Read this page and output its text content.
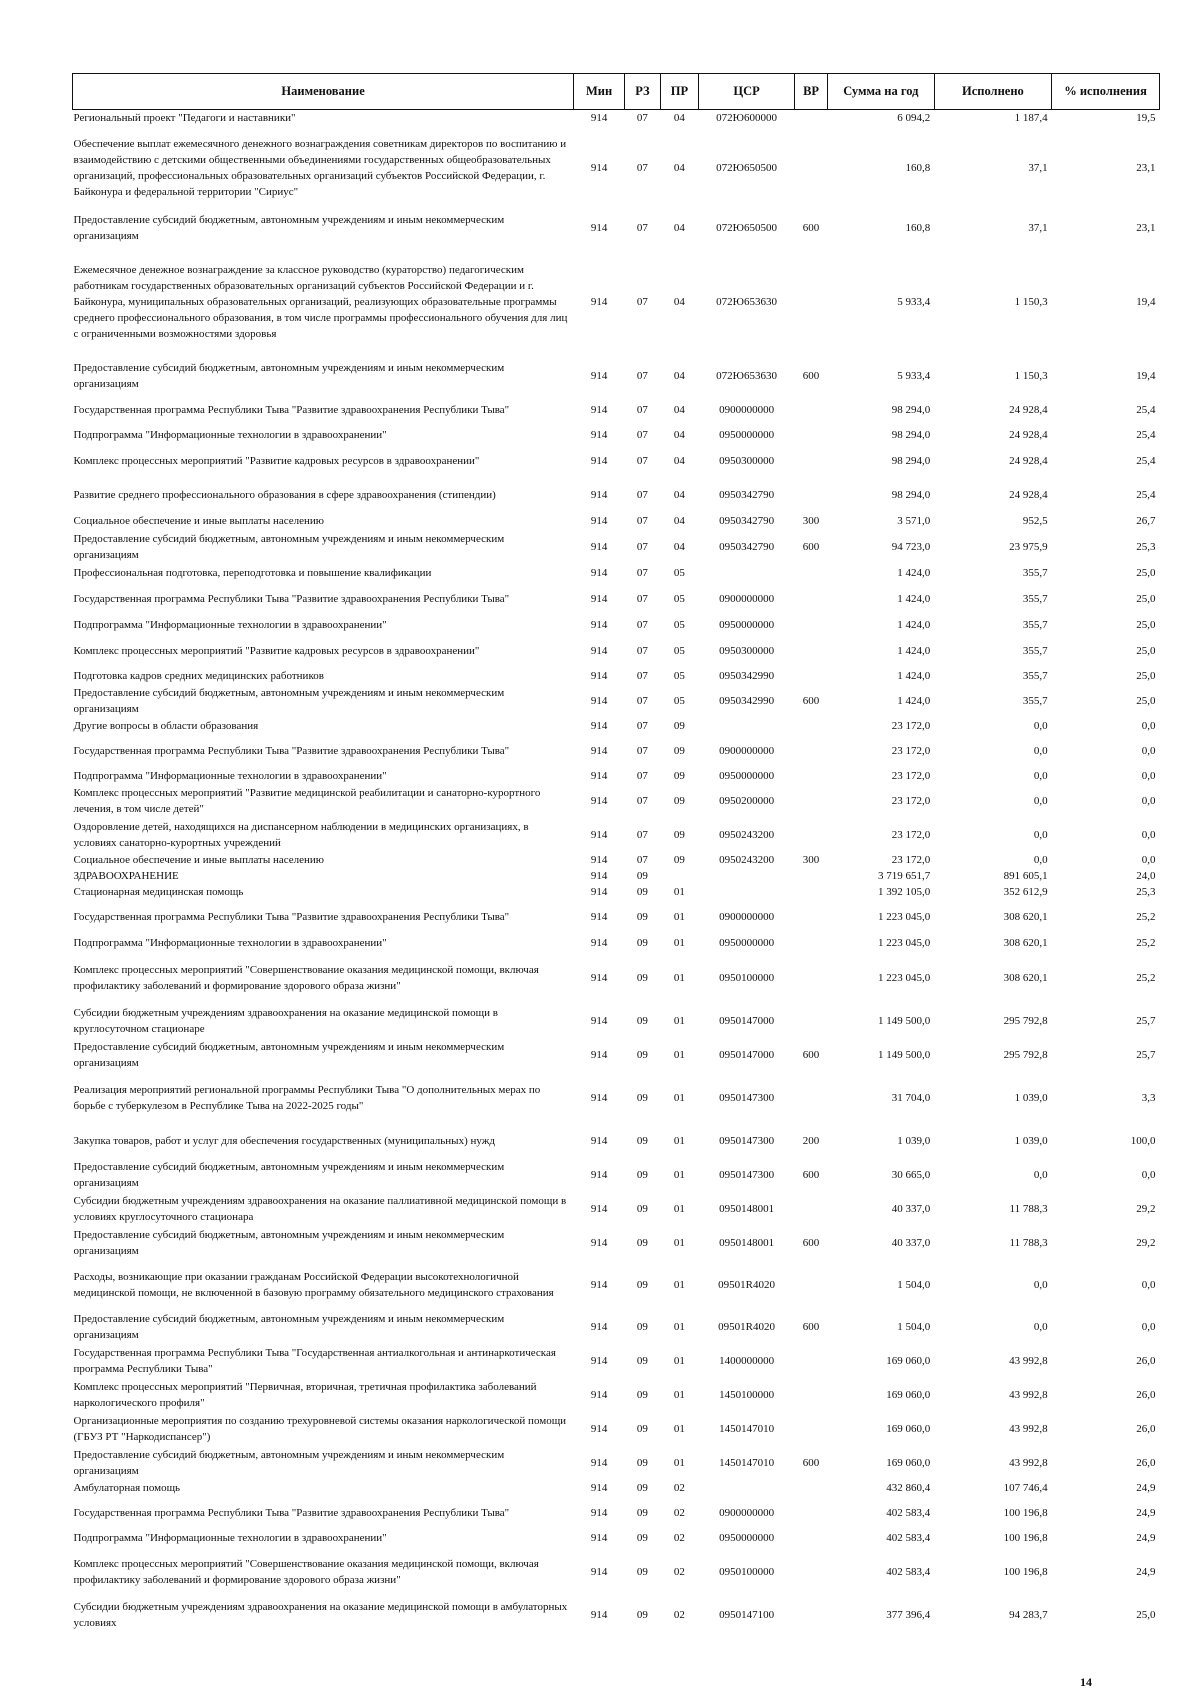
Наименование	Мин	РЗ	ПР	ЦСР	ВР	Сумма на год	Исполнено	% исполнения
Региональный проект "Педагоги и наставники"	914	07	04	072Ю600000		6 094,2	1 187,4	19,5
Обеспечение выплат ежемесячного денежного вознаграждения советникам директоров по воспитанию и взаимодействию с детскими общественными объединениями государственных общеобразовательных организаций, профессиональных образовательных организаций субъектов Российской Федерации, г. Байконура и федеральной территории "Сириус"	914	07	04	072Ю650500		160,8	37,1	23,1
Предоставление субсидий бюджетным, автономным учреждениям и иным некоммерческим организациям	914	07	04	072Ю650500	600	160,8	37,1	23,1
Ежемесячное денежное вознаграждение за классное руководство (кураторство) педагогическим работникам государственных образовательных организаций субъектов Российской Федерации и г. Байконура, муниципальных образовательных организаций, реализующих образовательные программы среднего профессионального образования, в том числе программы профессионального обучения для лиц с ограниченными возможностями здоровья	914	07	04	072Ю653630		5 933,4	1 150,3	19,4
Предоставление субсидий бюджетным, автономным учреждениям и иным некоммерческим организациям	914	07	04	072Ю653630	600	5 933,4	1 150,3	19,4
Государственная программа Республики Тыва "Развитие здравоохранения Республики Тыва"	914	07	04	0900000000		98 294,0	24 928,4	25,4
Подпрограмма "Информационные технологии в здравоохранении"	914	07	04	0950000000		98 294,0	24 928,4	25,4
Комплекс процессных мероприятий "Развитие кадровых ресурсов в здравоохранении"	914	07	04	0950300000		98 294,0	24 928,4	25,4
Развитие среднего профессионального образования в сфере здравоохранения (стипендии)	914	07	04	0950342790		98 294,0	24 928,4	25,4
Социальное обеспечение и иные выплаты населению	914	07	04	0950342790	300	3 571,0	952,5	26,7
Предоставление субсидий бюджетным, автономным учреждениям и иным некоммерческим организациям	914	07	04	0950342790	600	94 723,0	23 975,9	25,3
Профессиональная подготовка, переподготовка и повышение квалификации	914	07	05			1 424,0	355,7	25,0
Государственная программа Республики Тыва "Развитие здравоохранения Республики Тыва"	914	07	05	0900000000		1 424,0	355,7	25,0
Подпрограмма "Информационные технологии в здравоохранении"	914	07	05	0950000000		1 424,0	355,7	25,0
Комплекс процессных мероприятий "Развитие кадровых ресурсов в здравоохранении"	914	07	05	0950300000		1 424,0	355,7	25,0
Подготовка кадров средних медицинских работников	914	07	05	0950342990		1 424,0	355,7	25,0
Предоставление субсидий бюджетным, автономным учреждениям и иным некоммерческим организациям	914	07	05	0950342990	600	1 424,0	355,7	25,0
Другие вопросы в области образования	914	07	09			23 172,0	0,0	0,0
Государственная программа Республики Тыва "Развитие здравоохранения Республики Тыва"	914	07	09	0900000000		23 172,0	0,0	0,0
Подпрограмма "Информационные технологии в здравоохранении"	914	07	09	0950000000		23 172,0	0,0	0,0
Комплекс процессных мероприятий "Развитие медицинской реабилитации и санаторно-курортного лечения, в том числе детей"	914	07	09	0950200000		23 172,0	0,0	0,0
Оздоровление детей, находящихся на диспансерном наблюдении в медицинских организациях, в условиях санаторно-курортных учреждений	914	07	09	0950243200		23 172,0	0,0	0,0
Социальное обеспечение и иные выплаты населению	914	07	09	0950243200	300	23 172,0	0,0	0,0
ЗДРАВООХРАНЕНИЕ	914	09				3 719 651,7	891 605,1	24,0
Стационарная медицинская помощь	914	09	01			1 392 105,0	352 612,9	25,3
Государственная программа Республики Тыва "Развитие здравоохранения Республики Тыва"	914	09	01	0900000000		1 223 045,0	308 620,1	25,2
Подпрограмма "Информационные технологии в здравоохранении"	914	09	01	0950000000		1 223 045,0	308 620,1	25,2
Комплекс процессных мероприятий "Совершенствование оказания медицинской помощи, включая профилактику заболеваний и формирование здорового образа жизни"	914	09	01	0950100000		1 223 045,0	308 620,1	25,2
Субсидии бюджетным учреждениям здравоохранения на оказание медицинской помощи в круглосуточном стационаре	914	09	01	0950147000		1 149 500,0	295 792,8	25,7
Предоставление субсидий бюджетным, автономным учреждениям и иным некоммерческим организациям	914	09	01	0950147000	600	1 149 500,0	295 792,8	25,7
Реализация мероприятий региональной программы Республики Тыва "О дополнительных мерах по борьбе с туберкулезом в Республике Тыва на 2022-2025 годы"	914	09	01	0950147300		31 704,0	1 039,0	3,3
Закупка товаров, работ и услуг для обеспечения государственных (муниципальных) нужд	914	09	01	0950147300	200	1 039,0	1 039,0	100,0
Предоставление субсидий бюджетным, автономным учреждениям и иным некоммерческим организациям	914	09	01	0950147300	600	30 665,0	0,0	0,0
Субсидии бюджетным учреждениям здравоохранения на оказание паллиативной медицинской помощи в условиях круглосуточного стационара	914	09	01	0950148001		40 337,0	11 788,3	29,2
Предоставление субсидий бюджетным, автономным учреждениям и иным некоммерческим организациям	914	09	01	0950148001	600	40 337,0	11 788,3	29,2
Расходы, возникающие при оказании гражданам Российской Федерации высокотехнологичной медицинской помощи, не включенной в базовую программу обязательного медицинского страхования	914	09	01	09501R4020		1 504,0	0,0	0,0
Предоставление субсидий бюджетным, автономным учреждениям и иным некоммерческим организациям	914	09	01	09501R4020	600	1 504,0	0,0	0,0
Государственная программа Республики Тыва "Государственная антиалкогольная и антинаркотическая программа Республики Тыва"	914	09	01	1400000000		169 060,0	43 992,8	26,0
Комплекс процессных мероприятий "Первичная, вторичная, третичная профилактика заболеваний наркологического профиля"	914	09	01	1450100000		169 060,0	43 992,8	26,0
Организационные мероприятия по созданию трехуровневой системы оказания наркологической помощи (ГБУЗ РТ "Наркодиспансер")	914	09	01	1450147010		169 060,0	43 992,8	26,0
Предоставление субсидий бюджетным, автономным учреждениям и иным некоммерческим организациям	914	09	01	1450147010	600	169 060,0	43 992,8	26,0
Амбулаторная помощь	914	09	02			432 860,4	107 746,4	24,9
Государственная программа Республики Тыва "Развитие здравоохранения Республики Тыва"	914	09	02	0900000000		402 583,4	100 196,8	24,9
Подпрограмма "Информационные технологии в здравоохранении"	914	09	02	0950000000		402 583,4	100 196,8	24,9
Комплекс процессных мероприятий "Совершенствование оказания медицинской помощи, включая профилактику заболеваний и формирование здорового образа жизни"	914	09	02	0950100000		402 583,4	100 196,8	24,9
Субсидии бюджетным учреждениям здравоохранения на оказание медицинской помощи в амбулаторных условиях	914	09	02	0950147100		377 396,4	94 283,7	25,0
14
